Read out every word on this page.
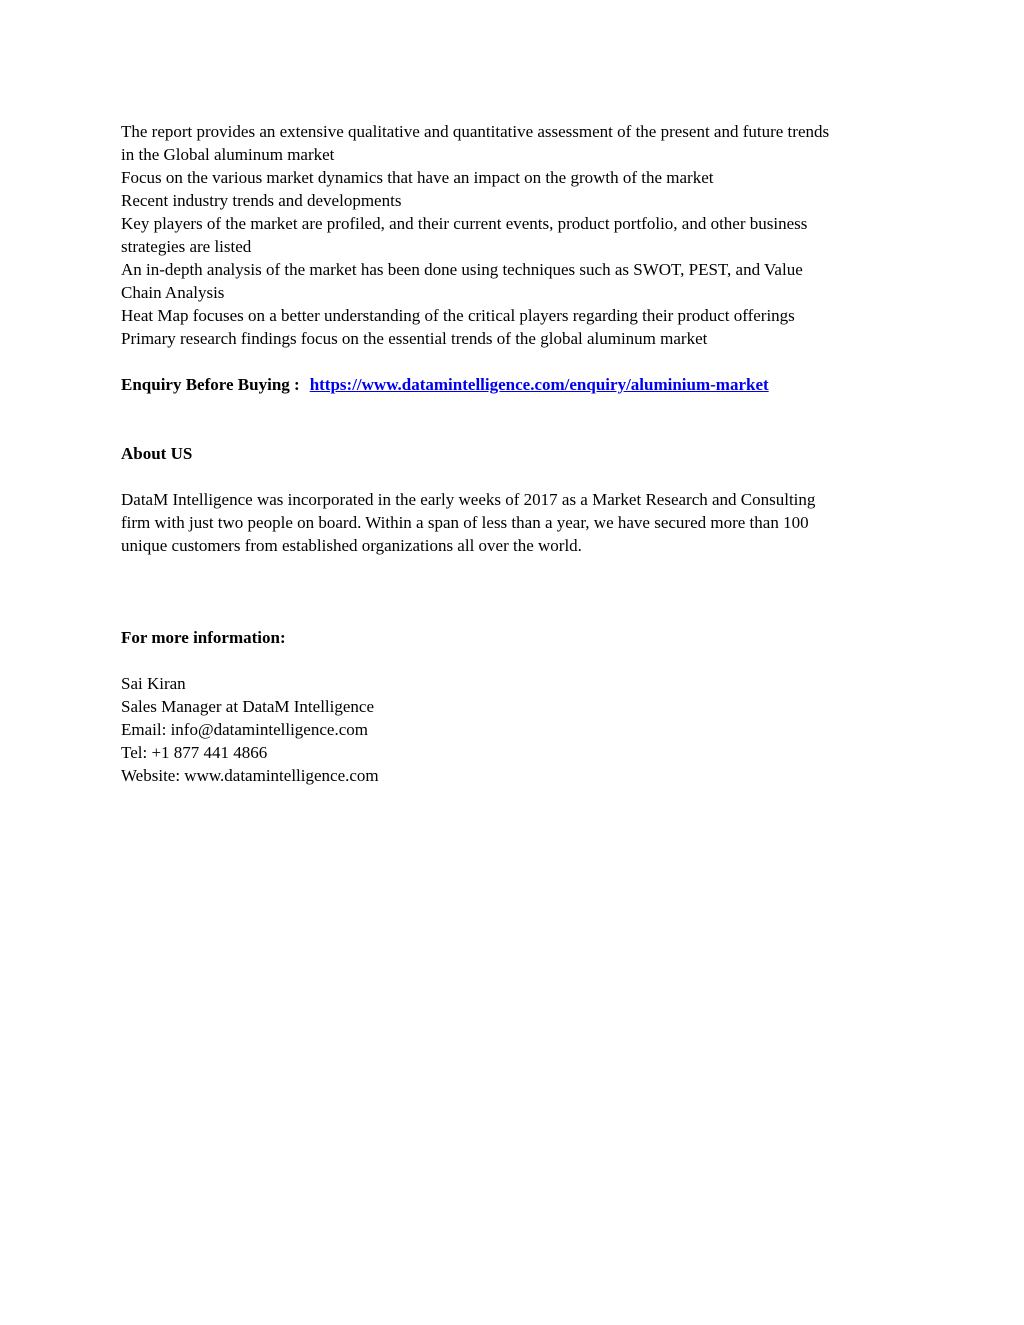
The report provides an extensive qualitative and quantitative assessment of the present and future trends
in the Global aluminum market
Focus on the various market dynamics that have an impact on the growth of the market
Recent industry trends and developments
Key players of the market are profiled, and their current events, product portfolio, and other business
strategies are listed
An in-depth analysis of the market has been done using techniques such as SWOT, PEST, and Value
Chain Analysis
Heat Map focuses on a better understanding of the critical players regarding their product offerings
Primary research findings focus on the essential trends of the global aluminum market
Enquiry Before Buying : https://www.datamintelligence.com/enquiry/aluminium-market
About US
DataM Intelligence was incorporated in the early weeks of 2017 as a Market Research and Consulting
firm with just two people on board. Within a span of less than a year, we have secured more than 100
unique customers from established organizations all over the world.
For more information:
Sai Kiran
Sales Manager at DataM Intelligence
Email: info@datamintelligence.com
Tel: +1 877 441 4866
Website: www.datamintelligence.com
